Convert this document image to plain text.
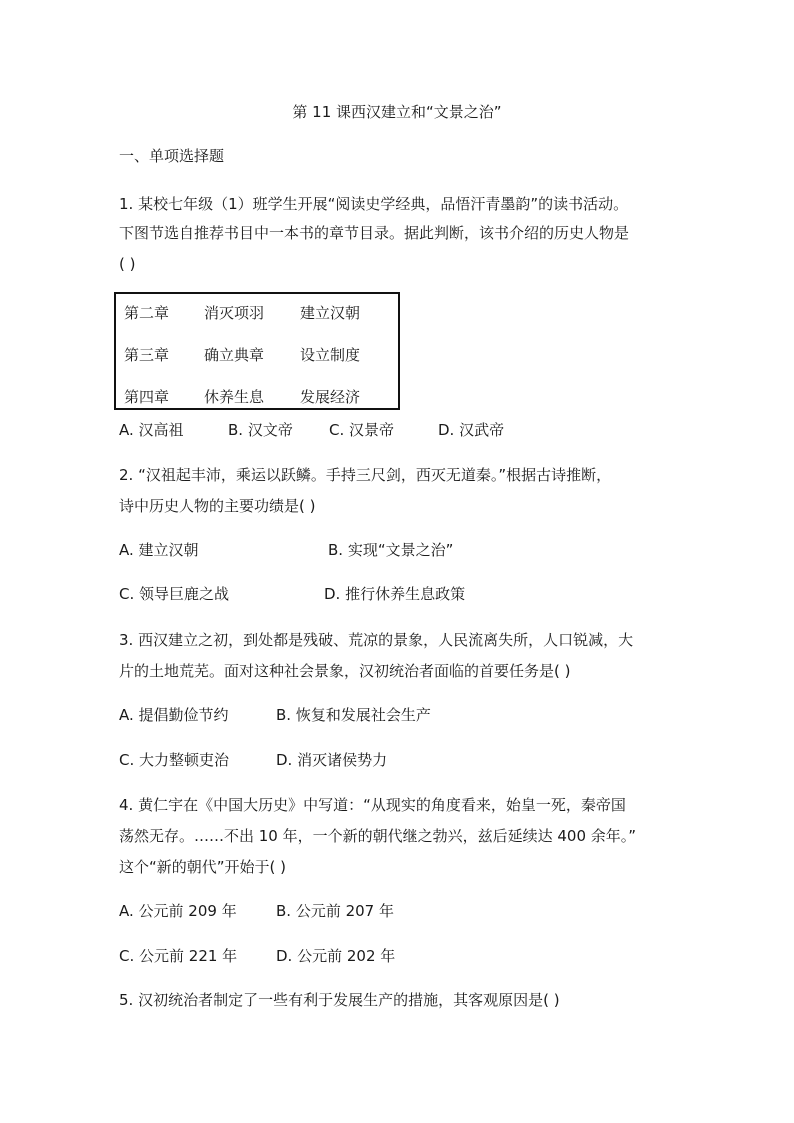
第 11 课西汉建立和“文景之治”
一、单项选择题
1. 某校七年级（1）班学生开展“阅读史学经典，品悟汗青墨韵”的读书活动。
下图节选自推荐书目中一本书的章节目录。据此判断，该书介绍的历史人物是
( )
第二章 消灭项羽 建立汉朝
第三章 确立典章 设立制度
第四章 休养生息 发展经济
A. 汉高祖	B. 汉文帝 C. 汉景帝	D. 汉武帝
2. “汉祖起丰沛，乘运以跃鳞。手持三尺剑，西灭无道秦。”根据古诗推断，
诗中历史人物的主要功绩是( )
A. 建立汉朝	B. 实现“文景之治”
C. 领导巨鹿之战	D. 推行休养生息政策
3. 西汉建立之初，到处都是残破、荒凉的景象，人民流离失所，人口锐减，大
片的土地荒芜。面对这种社会景象，汉初统治者面临的首要任务是( )
A. 提倡勤俭节约	B. 恢复和发展社会生产
C. 大力整顿吏治	D. 消灭诸侯势力
4. 黄仁宇在《中国大历史》中写道：“从现实的角度看来，始皇一死，秦帝国
荡然无存。……不出 10 年，一个新的朝代继之勃兴，兹后延续达 400 余年。”
这个“新的朝代”开始于( )
A. 公元前 209 年	B. 公元前 207 年
C. 公元前 221 年	D. 公元前 202 年
5. 汉初统治者制定了一些有利于发展生产的措施，其客观原因是( )
